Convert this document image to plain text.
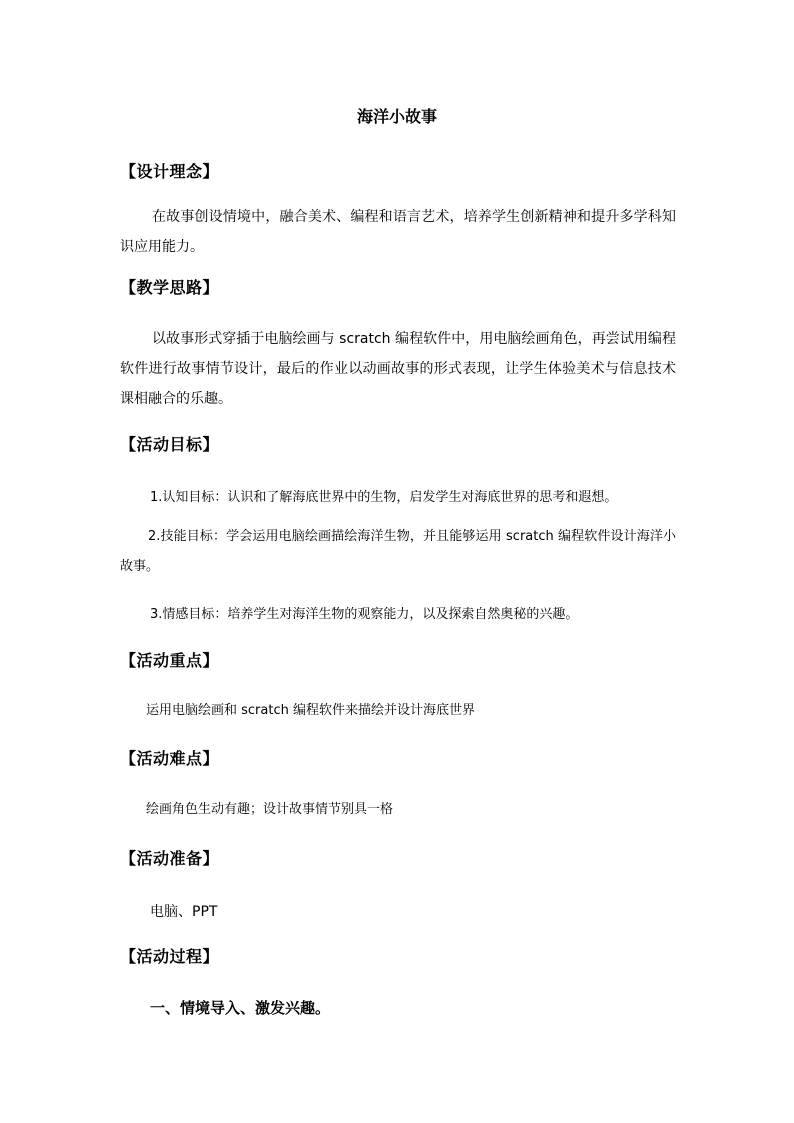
海洋小故事
【设计理念】
在故事创设情境中，融合美术、编程和语言艺术，培养学生创新精神和提升多学科知识应用能力。
【教学思路】
以故事形式穿插于电脑绘画与 scratch 编程软件中，用电脑绘画角色，再尝试用编程软件进行故事情节设计，最后的作业以动画故事的形式表现，让学生体验美术与信息技术课相融合的乐趣。
【活动目标】
1.认知目标：认识和了解海底世界中的生物，启发学生对海底世界的思考和遐想。
2.技能目标：学会运用电脑绘画描绘海洋生物，并且能够运用 scratch 编程软件设计海洋小故事。
3.情感目标：培养学生对海洋生物的观察能力，以及探索自然奥秘的兴趣。
【活动重点】
运用电脑绘画和 scratch 编程软件来描绘并设计海底世界
【活动难点】
绘画角色生动有趣；设计故事情节别具一格
【活动准备】
电脑、PPT
【活动过程】
一、情境导入、激发兴趣。
